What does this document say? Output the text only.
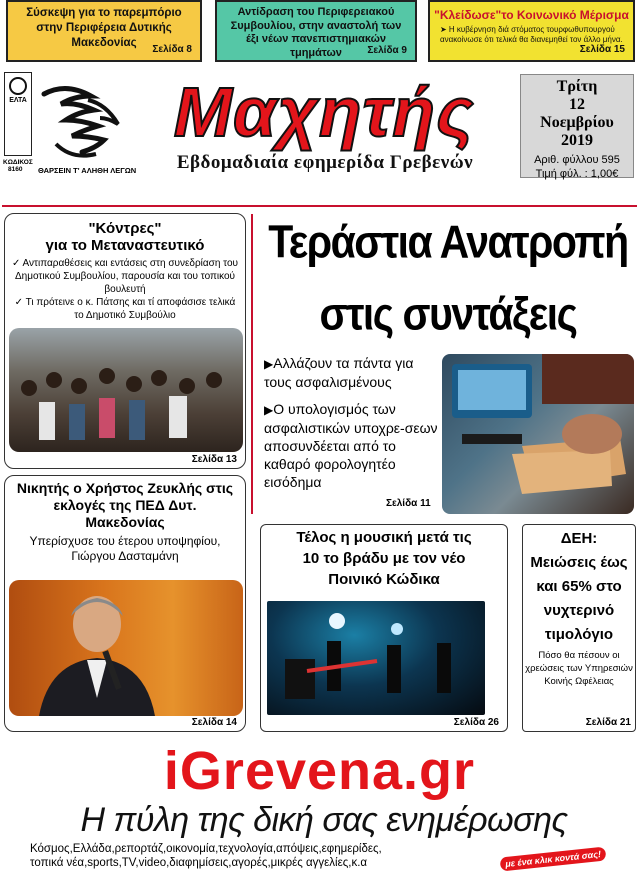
Σύσκεψη για το παρεμπόριο στην Περιφέρεια Δυτικής Μακεδονίας
Σελίδα 8
Αντίδραση του Περιφερειακού Συμβουλίου, στην αναστολή των έξι νέων πανεπιστημιακών τμημάτων	Σελίδα 9
"Κλείδωσε"το Κοινωνικό Μέρισμα
➤ Η κυβέρνηση διά στόματος τουρφωθυπουργού ανακοίνωσε ότι τελικά θα διανεμηθεί τον άλλο μήνα.
Σελίδα 15
ΕΛΤΑ
ΚΩΔΙΚΟΣ
8160 ΘΑΡΣΕΙΝ Τ' ΑΛΗΘΗ ΛΕΓΩΝ
Μαχητής
Εβδομαδιαία εφημερίδα Γρεβενών
Τρίτη
12
Νοεμβρίου
2019
Αριθ. φύλλου 595
Τιμή φύλ. : 1,00€
"Κόντρες"
για το Μεταναστευτικό
✓ Αντιπαραθέσεις και εντάσεις στη συνεδρίαση του Δημοτικού Συμβουλίου, παρουσία και του τοπικού βουλευτή
✓ Τι πρότεινε ο κ. Πάτσης και τί αποφάσισε τελικά το Δημοτικό Συμβούλιο
Σελίδα 13
Νικητής ο Χρήστος Ζευκλής στις εκλογές της ΠΕΔ Δυτ. Μακεδονίας
Υπερίσχυσε του έτερου υποψηφίου, Γιώργου Δασταμάνη
Σελίδα 14
Τεράστια Ανατροπή
στις συντάξεις
▶Αλλάζουν τα πάντα για τους ασφαλισμένους
▶Ο υπολογισμός των ασφαλιστικών υποχρε-σεων αποσυνδέεται από το καθαρό φορολογητέο εισόδημα
Σελίδα 11
Τέλος η μουσική μετά τις 10 το βράδυ με τον νέο Ποινικό Κώδικα
Σελίδα 26
ΔΕΗ: Μειώσεις έως και 65% στο νυχτερινό τιμολόγιο
Πόσο θα πέσουν οι χρεώσεις των Υπηρεσιών Κοινής Ωφέλειας
Σελίδα 21
iGrevena.gr
Η πύλη της δική σας ενημέρωσης
Κόσμος,Ελλάδα,ρεπορτάζ,οικονομία,τεχνολογία,απόψεις,εφημερίδες,
τοπικά νέα,sports,TV,video,διαφημίσεις,αγορές,μικρές αγγελίες,κ.α	με ένα κλικ κοντά σας!
